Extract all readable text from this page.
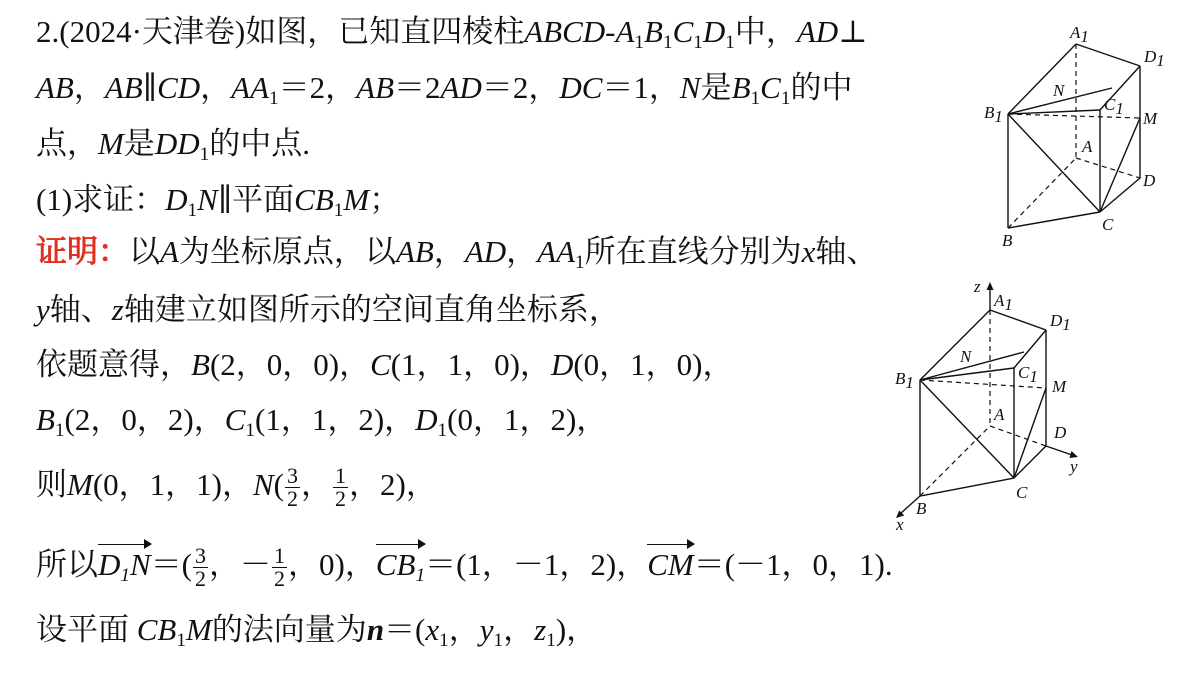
2.(2024·天津卷)如图，已知直四棱柱ABCD-$A_1B_1C_1D_1$中，AD⊥
AB，AB∥CD，$AA_1=2$，AB＝2AD＝2，DC＝1，N是$B_1C_1$的中
点，M是$DD_1$的中点.
(1)求证：$D_1N\parallel$平面$CB_1M$；
证明：以A为坐标原点，以AB，AD，$AA_1$所在直线分别为x轴、
y轴、z轴建立如图所示的空间直角坐标系，
依题意得，B(2，0，0)，C(1，1，0)，D(0，1，0)，
$B_1(2$，0，2)，$C_1(1$，1，2)，$D_1(0$，1，2)，
则M(0，1，1)，$N( \frac{3}{2}$ ， $\frac{1}{2}$ ，2)，
所以$D_1N=( \frac{3}{2}$ ，－ $\frac{1}{2}$ ，0)，$CB_1=(1$，－1，2)，CM＝(－1，0，1).
设平面 $CB_1M$的法向量为$n=(x_1$，$y_1$，$z_1$)，
A1
D1
N
C1
B1	M
A
D
B
C
z
A1
D1
N
C1
B1	M
A
D
y
B
C
x
